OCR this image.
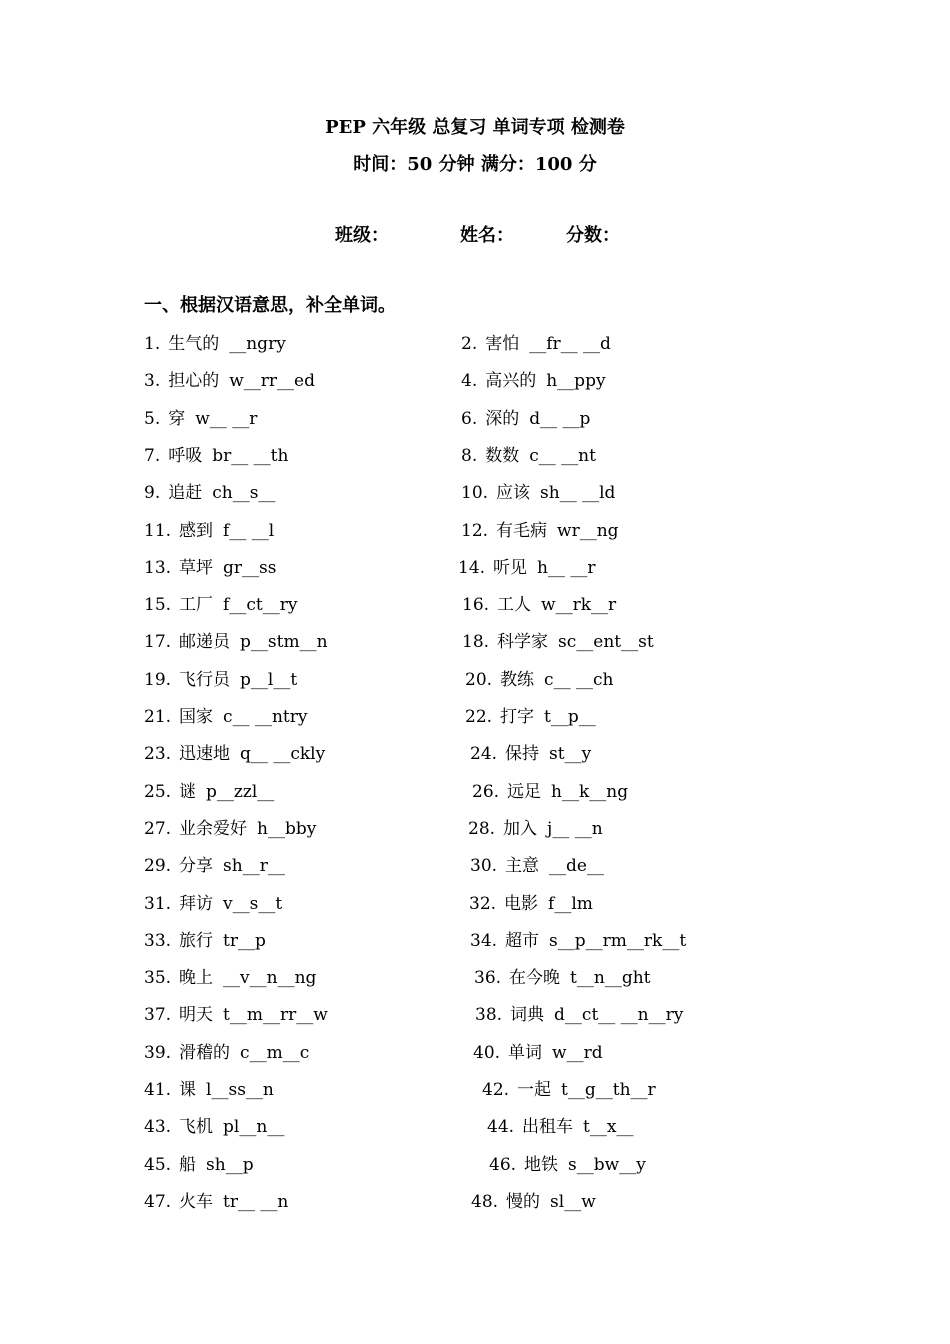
PEP 六年级 总复习 单词专项 检测卷
时间：50 分钟 满分：100 分
班级：	姓名：	分数：
一、根据汉语意思，补全单词。
1. 生气的 __ngry	2. 害怕 __fr__ __d
3. 担心的 w__rr__ed	4. 高兴的 h__ppy
5. 穿 w__ __r	6. 深的 d__ __p
7. 呼吸 br__ __th	8. 数数 c__ __nt
9. 追赶 ch__s__	10. 应该 sh__ __ld
11. 感到 f__ __l	12. 有毛病 wr__ng
13. 草坪 gr__ss	14. 听见 h__ __r
15. 工厂 f__ct__ry	16. 工人 w__rk__r
17. 邮递员 p__stm__n	18. 科学家 sc__ent__st
19. 飞行员 p__l__t	20. 教练 c__ __ch
21. 国家 c__ __ntry	22. 打字 t__p__
23. 迅速地 q__ __ckly	24. 保持 st__y
25. 谜 p__zzl__	26. 远足 h__k__ng
27. 业余爱好 h__bby	28. 加入 j__ __n
29. 分享 sh__r__	30. 主意 __de__
31. 拜访 v__s__t	32. 电影 f__lm
33. 旅行 tr__p	34. 超市 s__p__rm__rk__t
35. 晚上 __v__n__ng	36. 在今晚 t__n__ght
37. 明天 t__m__rr__w	38. 词典 d__ct__ __n__ry
39. 滑稽的 c__m__c	40. 单词 w__rd
41. 课 l__ss__n	42. 一起 t__g__th__r
43. 飞机 pl__n__	44. 出租车 t__x__
45. 船 sh__p	46. 地铁 s__bw__y
47. 火车 tr__ __n	48. 慢的 sl__w
